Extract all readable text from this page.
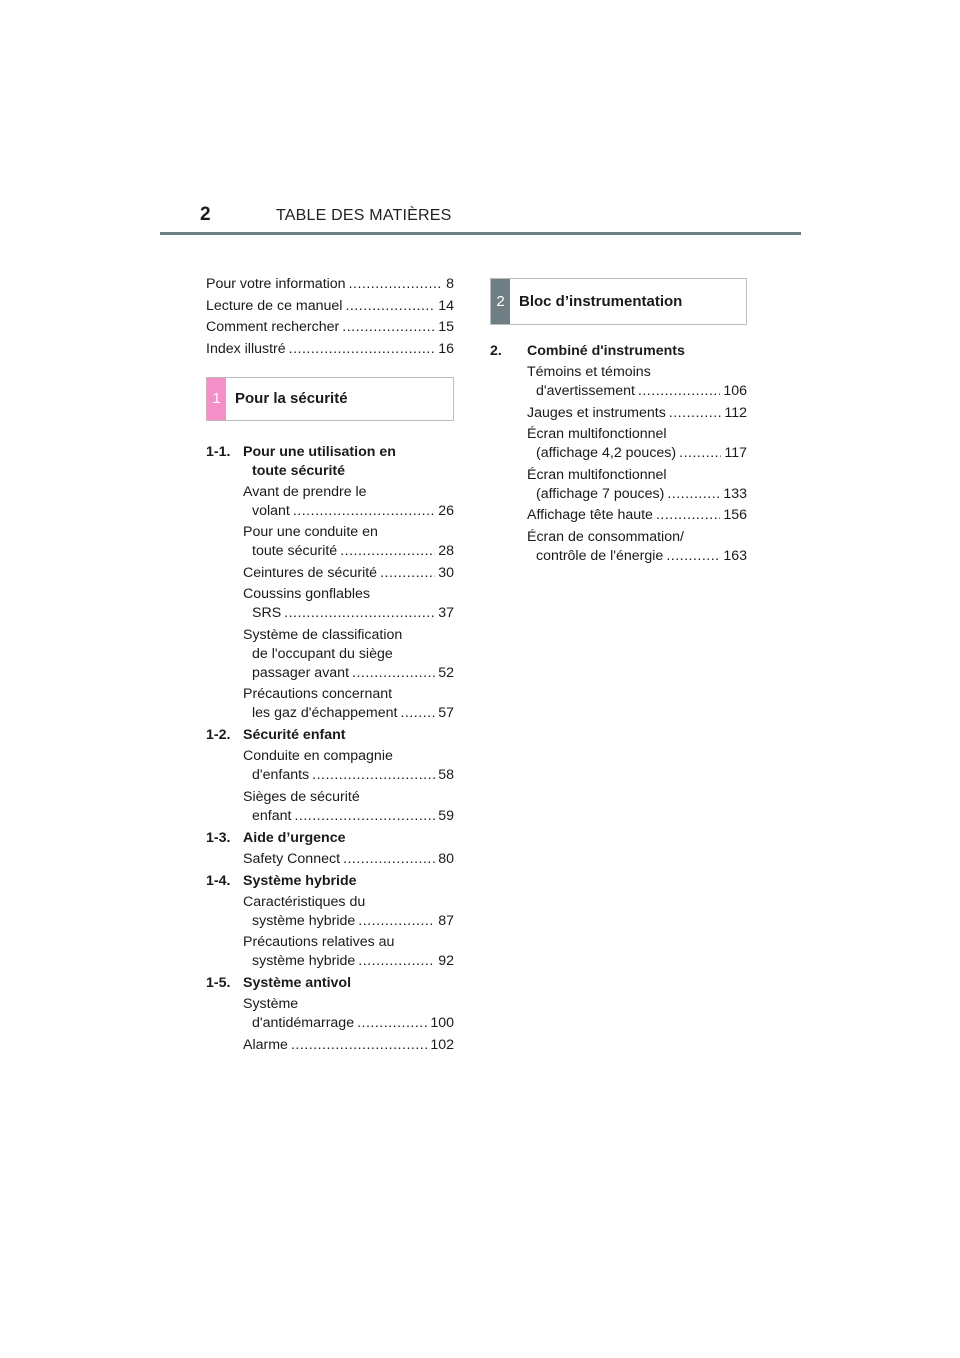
2	TABLE DES MATIÈRES
Pour votre information .....	8
Lecture de ce manuel .....	14
Comment rechercher .....	15
Index illustré .....	16
1 Pour la sécurité
1-1. Pour une utilisation en
toute sécurité
Avant de prendre le
volant .....	26
Pour une conduite en
toute sécurité .....	28
Ceintures de sécurité .....	30
Coussins gonflables
SRS .....	37
Système de classification
de l'occupant du siège
passager avant .....	52
Précautions concernant
les gaz d'échappement .....	57
1-2. Sécurité enfant
Conduite en compagnie
d'enfants .....	58
Sièges de sécurité
enfant .....	59
1-3. Aide d’urgence
Safety Connect .....	80
1-4. Système hybride
Caractéristiques du
système hybride .....	87
Précautions relatives au
système hybride .....	92
1-5. Système antivol
Système
d'antidémarrage .....	100
Alarme .....	102
2 Bloc d’instrumentation
2.	Combiné d'instruments
Témoins et témoins
d'avertissement .....	106
Jauges et instruments .....	112
Écran multifonctionnel
(affichage 4,2 pouces) .....	117
Écran multifonctionnel
(affichage 7 pouces) .....	133
Affichage tête haute .....	156
Écran de consommation/
contrôle de l'énergie .....	163
